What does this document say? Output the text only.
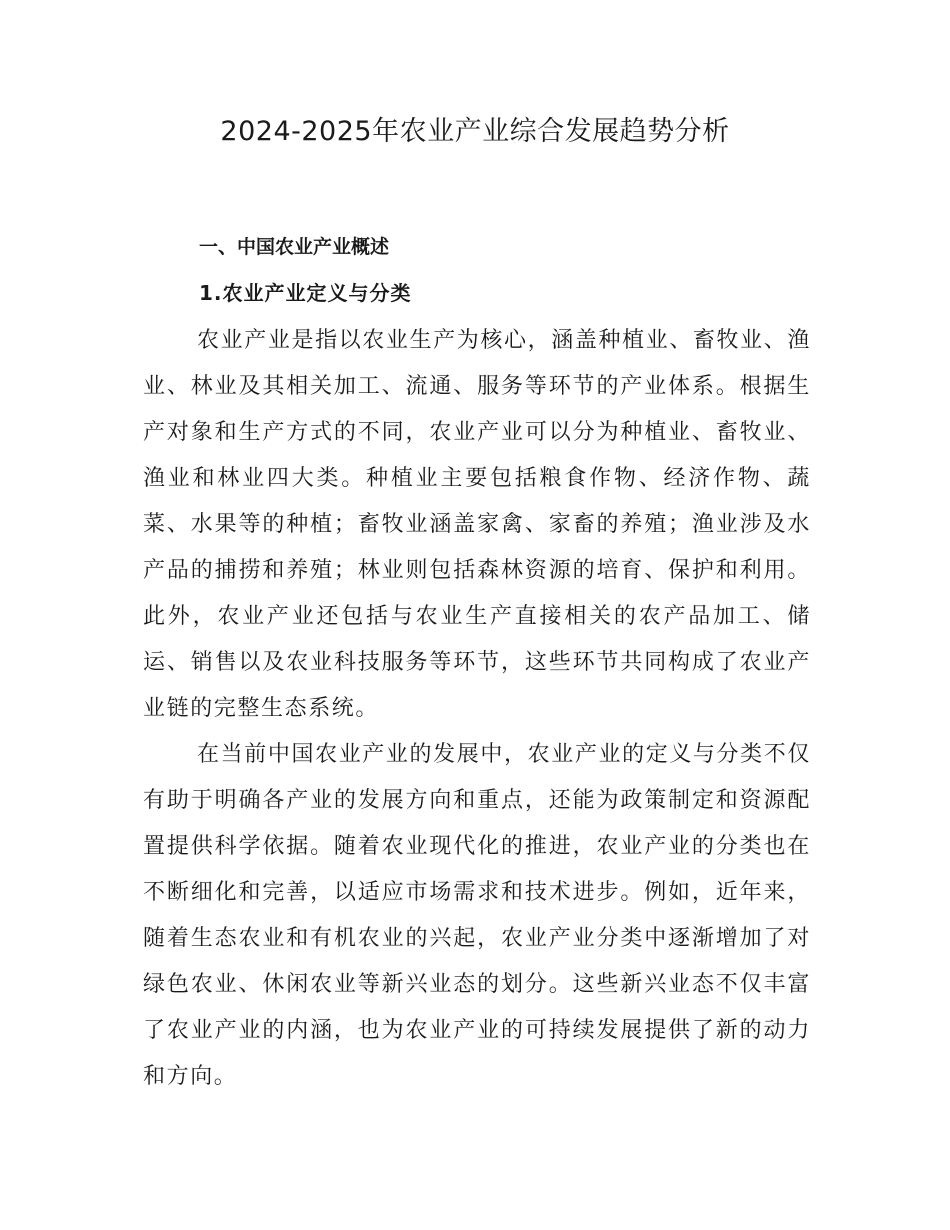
2024-2025年农业产业综合发展趋势分析
一、中国农业产业概述
1.农业产业定义与分类

农业产业是指以农业生产为核心，涵盖种植业、畜牧业、渔业、林业及其相关加工、流通、服务等环节的产业体系。根据生产对象和生产方式的不同，农业产业可以分为种植业、畜牧业、渔业和林业四大类。种植业主要包括粮食作物、经济作物、蔬菜、水果等的种植；畜牧业涵盖家禽、家畜的养殖；渔业涉及水产品的捕捞和养殖；林业则包括森林资源的培育、保护和利用。此外，农业产业还包括与农业生产直接相关的农产品加工、储运、销售以及农业科技服务等环节，这些环节共同构成了农业产业链的完整生态系统。

在当前中国农业产业的发展中，农业产业的定义与分类不仅有助于明确各产业的发展方向和重点，还能为政策制定和资源配置提供科学依据。随着农业现代化的推进，农业产业的分类也在不断细化和完善，以适应市场需求和技术进步。例如，近年来，随着生态农业和有机农业的兴起，农业产业分类中逐渐增加了对绿色农业、休闲农业等新兴业态的划分。这些新兴业态不仅丰富了农业产业的内涵，也为农业产业的可持续发展提供了新的动力和方向。
